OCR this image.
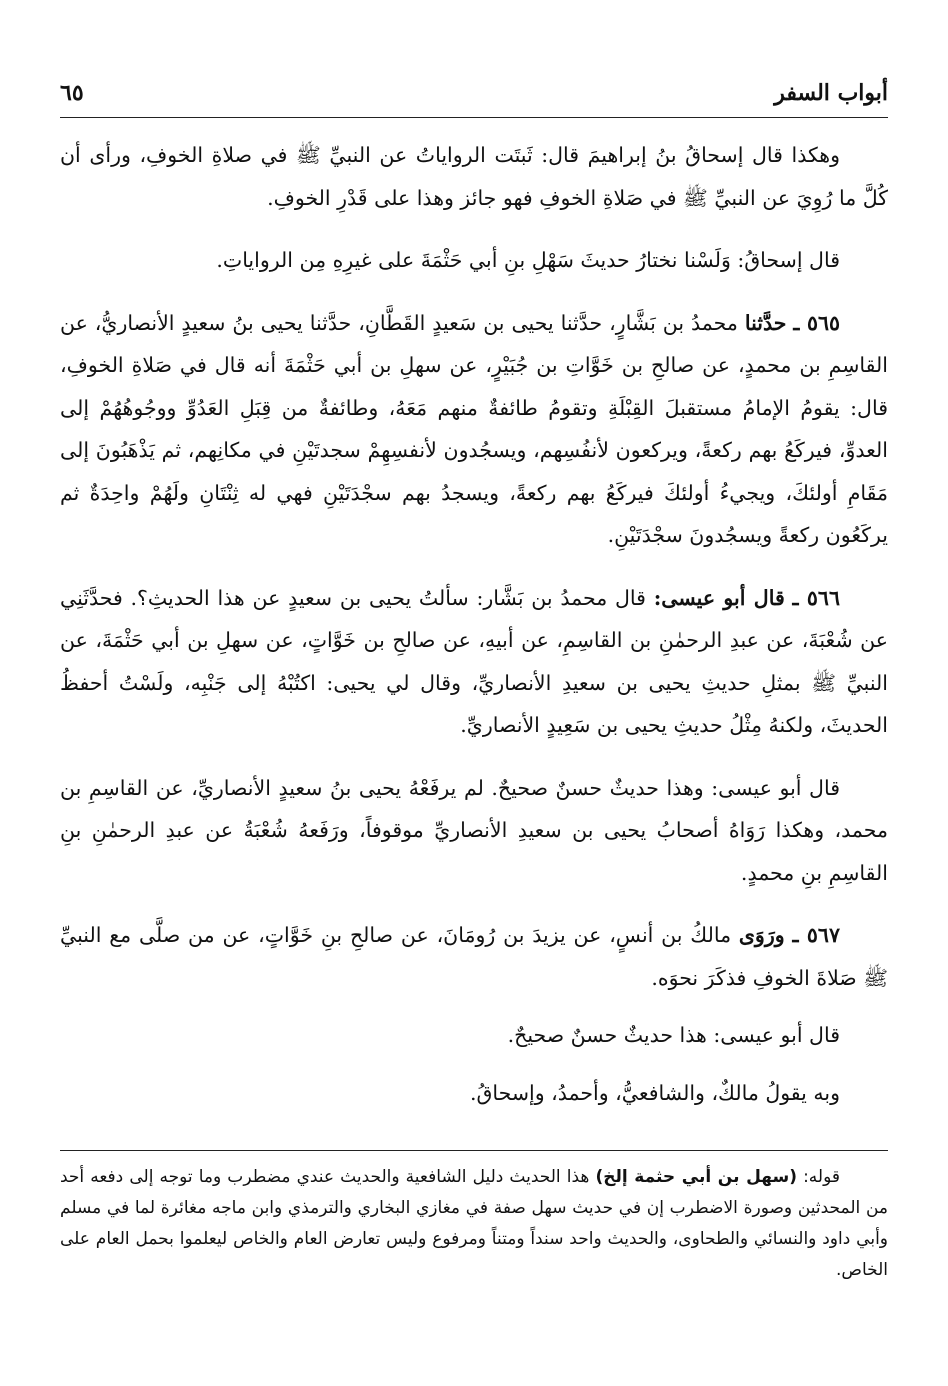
أبواب السفر
٦٥

وهكذا قال إسحاقُ بنُ إبراهيمَ قال: ثَبتَت الرواياتُ عن النبيِّ ﷺ في صلاةِ الخوفِ، ورأى أن كُلَّ ما رُوِيَ عن النبيِّ ﷺ في صَلاةِ الخوفِ فهو جائز وهذا على قَدْرِ الخوفِ.

قال إسحاقُ: وَلَسْنا نختارُ حديثَ سَهْلِ بنِ أبي حَثْمَةَ على غيرِهِ مِن الرواياتِ.

٥٦٥ ـ حدَّثنا محمدُ بن بَشَّارٍ، حدَّثنا يحيى بن سَعيدٍ القَطَّانِ، حدَّثنا يحيى بنُ سعيدٍ الأنصاريُّ، عن القاسِمِ بن محمدٍ، عن صالحِ بن خَوَّاتِ بن جُبَيْرٍ، عن سهلِ بن أبي حَثْمَةَ أنه قال في صَلاةِ الخوفِ، قال: يقومُ الإمامُ مستقبلَ القِبْلَةِ وتقومُ طائفةٌ منهم مَعَهُ، وطائفةٌ من قِبَلِ العَدُوِّ ووجُوهُهُمْ إلى العدوِّ، فيركَعُ بهم ركعةً، ويركعون لأنفُسِهم، ويسجُدون لأنفسِهِمْ سجدتَيْنِ في مكانِهم، ثم يَذْهَبُونَ إلى مَقَامِ أولئكَ، ويجيءُ أولئكَ فيركَعُ بهم ركعةً، ويسجدُ بهم سجْدَتَيْنِ فهي له ثِنْتَانِ ولَهُمْ واحِدَةٌ ثم يركَعُون ركعةً ويسجُدونَ سجْدَتَيْنِ.

٥٦٦ ـ قال أبو عيسى: قال محمدُ بن بَشَّار: سألتُ يحيى بن سعيدٍ عن هذا الحديثِ؟. فحدَّثَنِي عن شُعْبَةَ، عن عبدِ الرحمٰنِ بن القاسِمِ، عن أبيهِ، عن صالحِ بن خَوَّاتٍ، عن سهلِ بن أبي حَثْمَةَ، عن النبيِّ ﷺ بمثلِ حديثِ يحيى بن سعيدِ الأنصاريِّ، وقال لي يحيى: اكتُبْهُ إلى جَنْبِه، ولَسْتُ أحفظُ الحديثَ، ولكنهُ مِثْلُ حديثِ يحيى بن سَعِيدٍ الأنصاريِّ.

قال أبو عيسى: وهذا حديثٌ حسنٌ صحيحٌ. لم يرفَعْهُ يحيى بنُ سعيدٍ الأنصاريِّ، عن القاسِمِ بن محمد، وهكذا رَوَاهُ أصحابُ يحيى بن سعيدِ الأنصاريِّ موقوفاً، ورَفَعهُ شُعْبَةُ عن عبدِ الرحمٰنِ بنِ القاسِمِ بنِ محمدٍ.

٥٦٧ ـ ورَوَى مالكُ بن أنسٍ، عن يزيدَ بن رُومَانَ، عن صالحِ بنِ خَوَّاتٍ، عن من صلَّى مع النبيِّ ﷺ صَلاةَ الخوفِ فذكَرَ نحوَه.

قال أبو عيسى: هذا حديثٌ حسنٌ صحيحٌ.

وبه يقولُ مالكٌ، والشافعيُّ، وأحمدُ، وإسحاقُ.

قوله: (سهل بن أبي حثمة إلخ) هذا الحديث دليل الشافعية والحديث عندي مضطرب وما توجه إلى دفعه أحد من المحدثين وصورة الاضطرب إن في حديث سهل صفة في مغازي البخاري والترمذي وابن ماجه مغائرة لما في مسلم وأبي داود والنسائي والطحاوى، والحديث واحد سنداً ومتناً ومرفوع وليس تعارض العام والخاص ليعلموا بحمل العام على الخاص.
